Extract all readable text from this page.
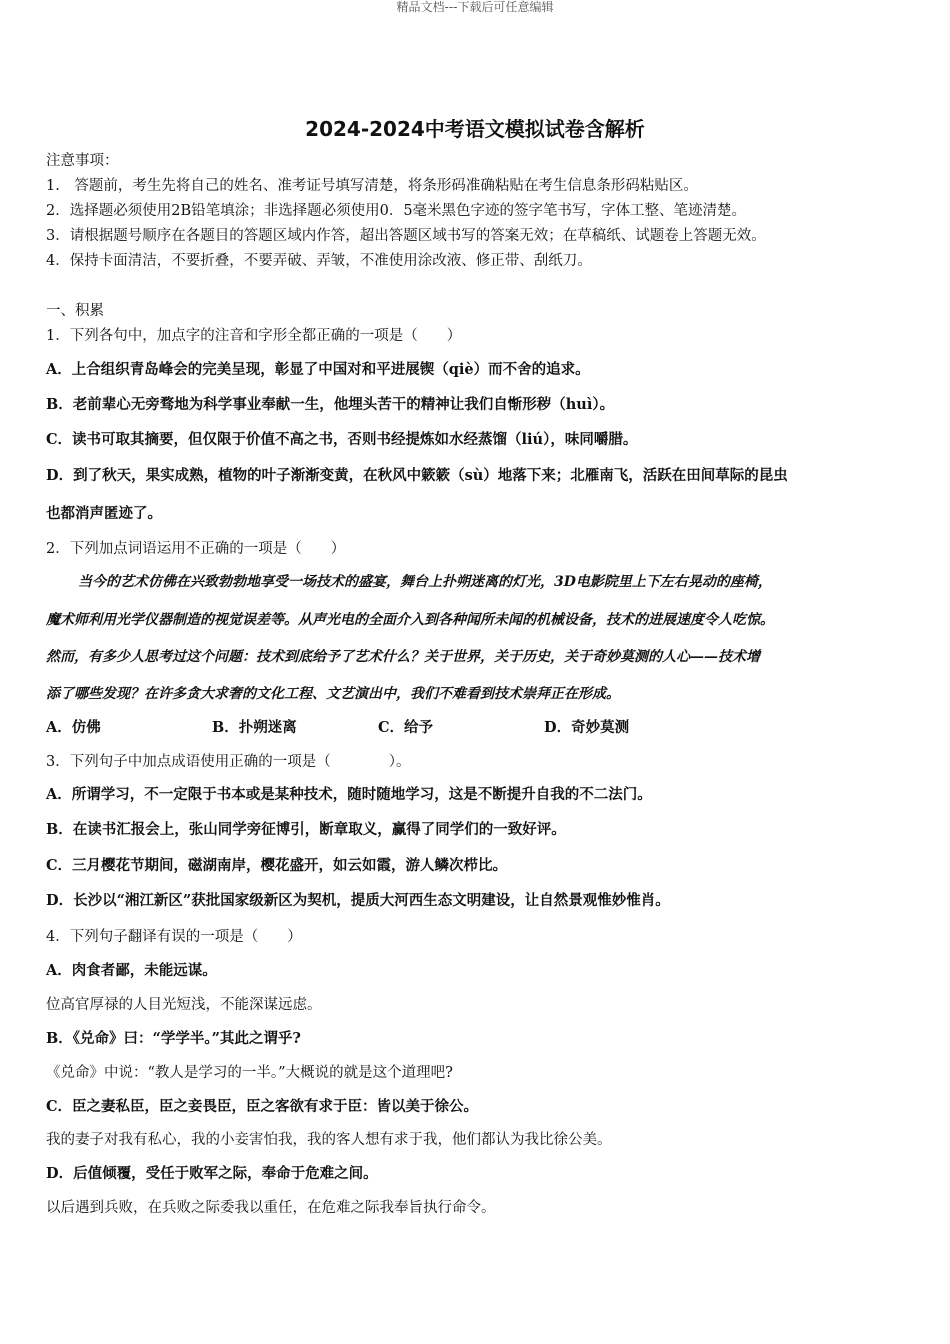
精品文档---下载后可任意编辑
2024-2024中考语文模拟试卷含解析
注意事项：
1.　答题前，考生先将自己的姓名、准考证号填写清楚，将条形码准确粘贴在考生信息条形码粘贴区。
2．选择题必须使用2B铅笔填涂；非选择题必须使用0．5毫米黑色字迹的签字笔书写，字体工整、笔迹清楚。
3．请根据题号顺序在各题目的答题区域内作答，超出答题区域书写的答案无效；在草稿纸、试题卷上答题无效。
4．保持卡面清洁，不要折叠，不要弄破、弄皱，不准使用涂改液、修正带、刮纸刀。
一、积累
1．下列各句中，加点字的注音和字形全都正确的一项是（　　）
A．上合组织青岛峰会的完美呈现，彰显了中国对和平进展锲（qiè）而不舍的追求。
B．老前辈心无旁骛地为科学事业奉献一生，他埋头苦干的精神让我们自惭形秽（huì）。
C．读书可取其摘要，但仅限于价值不高之书，否则书经提炼如水经蒸馏（liú），味同嚼腊。
D．到了秋天，果实成熟，植物的叶子渐渐变黄，在秋风中簌簌（sù）地落下来；北雁南飞，活跃在田间草际的昆虫
也都消声匿迹了。
2．下列加点词语运用不正确的一项是（　　）
当今的艺术仿佛在兴致勃勃地享受一场技术的盛宴，舞台上扑朔迷离的灯光，3D电影院里上下左右晃动的座椅，
魔术师利用光学仪器制造的视觉误差等。从声光电的全面介入到各种闻所未闻的机械设备，技术的进展速度令人吃惊。
然而，有多少人思考过这个问题：技术到底给予了艺术什么？关于世界，关于历史，关于奇妙莫测的人心——技术增
添了哪些发现？在许多贪大求奢的文化工程、文艺演出中，我们不难看到技术崇拜正在形成。
A．仿佛	B．扑朔迷离	C．给予	D．奇妙莫测
3．下列句子中加点成语使用正确的一项是（　　　　）。
A．所谓学习，不一定限于书本或是某种技术，随时随地学习，这是不断提升自我的不二法门。
B．在读书汇报会上，张山同学旁征博引，断章取义，赢得了同学们的一致好评。
C．三月樱花节期间，磁湖南岸，樱花盛开，如云如霞，游人鳞次栉比。
D．长沙以“湘江新区”获批国家级新区为契机，提质大河西生态文明建设，让自然景观惟妙惟肖。
4．下列句子翻译有误的一项是（　　）
A．肉食者鄙，未能远谋。
位高官厚禄的人目光短浅，不能深谋远虑。
B．《兑命》曰：“学学半。”其此之谓乎?
《兑命》中说：“教人是学习的一半。”大概说的就是这个道理吧?
C．臣之妻私臣，臣之妾畏臣，臣之客欲有求于臣：皆以美于徐公。
我的妻子对我有私心，我的小妾害怕我，我的客人想有求于我，他们都认为我比徐公美。
D．后值倾覆，受任于败军之际，奉命于危难之间。
以后遇到兵败，在兵败之际委我以重任，在危难之际我奉旨执行命令。
